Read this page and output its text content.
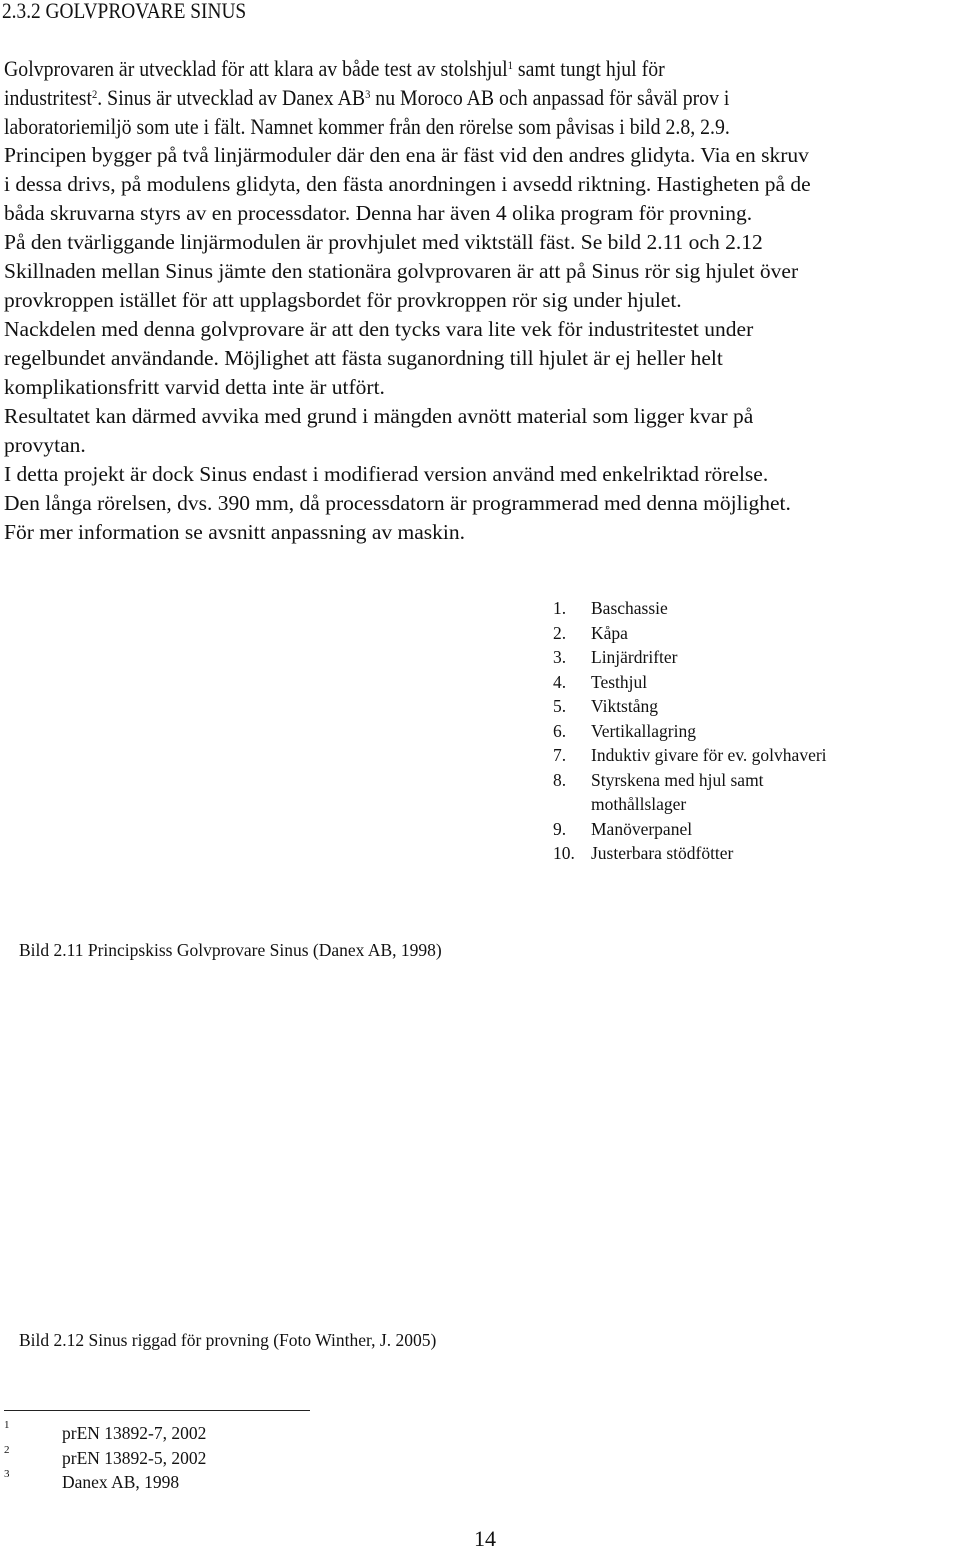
2.3.2 GOLVPROVARE SINUS
Golvprovaren är utvecklad för att klara av både test av stolshjul$^1$ samt tungt hjul för
industritest$^2$. Sinus är utvecklad av Danex $AB^3$ nu Moroco AB och anpassad för såväl prov i
laboratoriemiljö som ute i fält. Namnet kommer från den rörelse som påvisas i bild 2.8, 2.9.
Principen bygger på två linjärmoduler där den ena är fäst vid den andres glidyta. Via en skruv
i dessa drivs, på modulens glidyta, den fästa anordningen i avsedd riktning. Hastigheten på de
båda skruvarna styrs av en processdator. Denna har även 4 olika program för provning.
På den tvärliggande linjärmodulen är provhjulet med viktställ fäst. Se bild 2.11 och 2.12
Skillnaden mellan Sinus jämte den stationära golvprovaren är att på Sinus rör sig hjulet över
provkroppen istället för att upplagsbordet för provkroppen rör sig under hjulet.
Nackdelen med denna golvprovare är att den tycks vara lite vek för industritestet under
regelbundet användande. Möjlighet att fästa suganordning till hjulet är ej heller helt
komplikationsfritt varvid detta inte är utfört.
Resultatet kan därmed avvika med grund i mängden avnött material som ligger kvar på
provytan.
I detta projekt är dock Sinus endast i modifierad version använd med enkelriktad rörelse.
Den långa rörelsen, dvs. 390 mm, då processdatorn är programmerad med denna möjlighet.
För mer information se avsnitt anpassning av maskin.
1.	Baschassie
2.	Kåpa
3.	Linjärdrifter
4.	Testhjul
5.	Viktstång
6.	Vertikallagring
7.	Induktiv givare för ev. golvhaveri
8.	Styrskena med hjul samt
mothållslager
9.	Manöverpanel
10. Justerbara stödfötter
Bild 2.11 Principskiss Golvprovare Sinus (Danex AB, 1998)
Bild 2.12 Sinus riggad för provning (Foto Winther, J. 2005)
1	prEN 13892-7, 2002
2	prEN 13892-5, 2002
3	Danex AB, 1998
14
